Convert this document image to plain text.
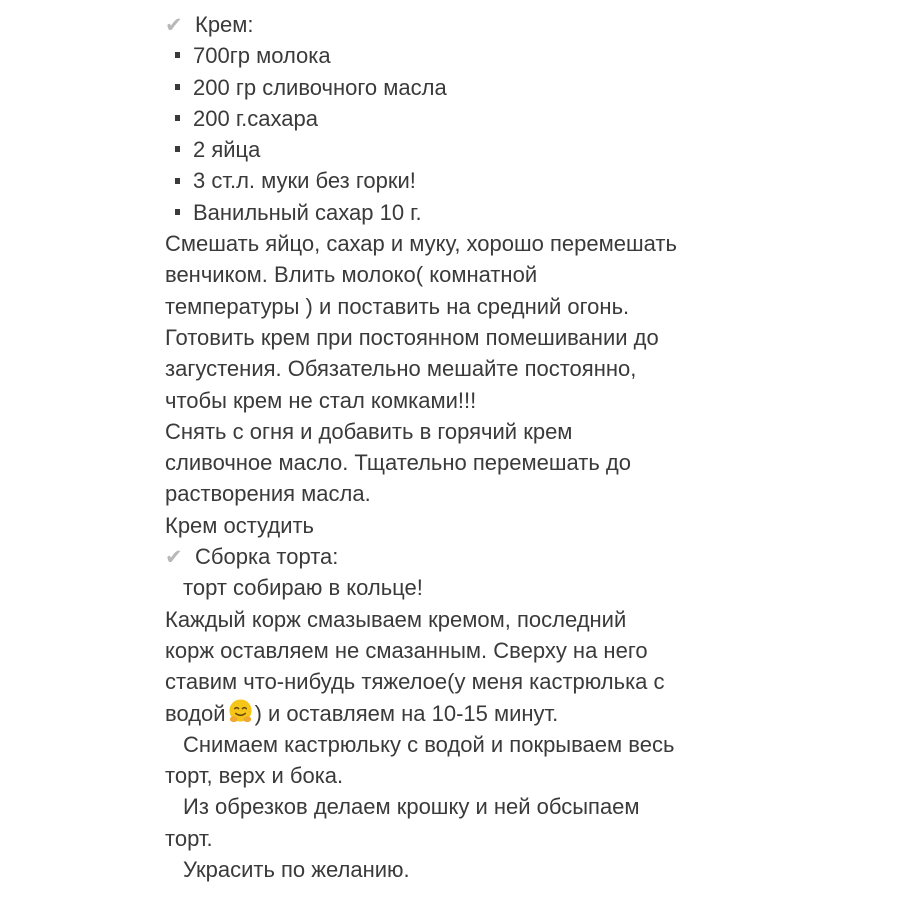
✔ Крем:
700гр молока
200 гр сливочного масла
200 г.сахара
2 яйца
3 ст.л. муки без горки!
Ванильный сахар 10 г.
Смешать яйцо, сахар и муку, хорошо перемешать
венчиком. Влить молоко( комнатной
температуры ) и поставить на средний огонь.
Готовить крем при постоянном помешивании до
загустения. Обязательно мешайте постоянно,
чтобы крем не стал комками!!!
Снять с огня и добавить в горячий крем
сливочное масло. Тщательно перемешать до
растворения масла.
Крем остудить
✔ Сборка торта:
торт собираю в кольце!
Каждый корж смазываем кремом, последний
корж оставляем не смазанным. Сверху на него
ставим что-нибудь тяжелое(у меня кастрюлька с
водой ) и оставляем на 10-15 минут.
Снимаем кастрюльку с водой и покрываем весь
торт, верх и бока.
Из обрезков делаем крошку и ней обсыпаем
торт.
Украсить по желанию.
